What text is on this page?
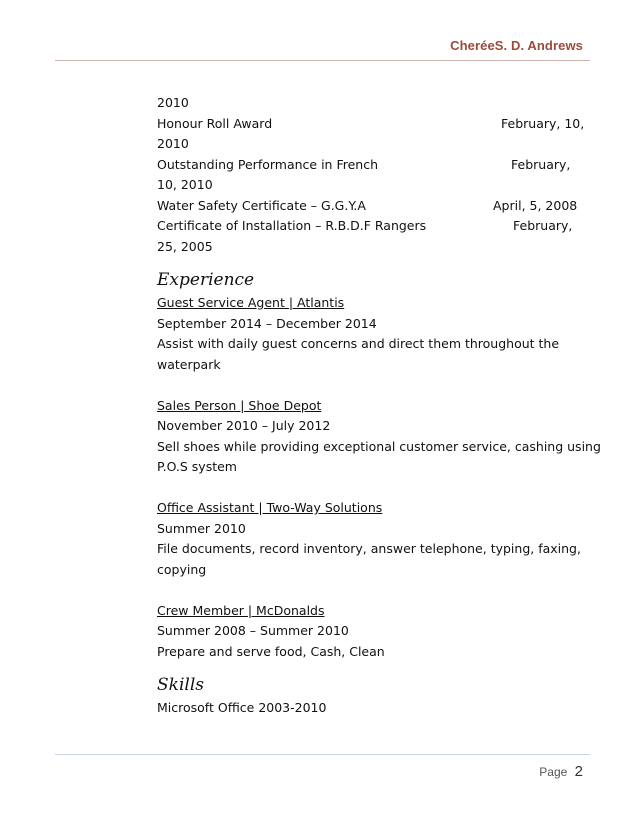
CheréeS. D. Andrews
2010
Honour Roll Award	February, 10,
2010
Outstanding Performance in French	February,
10, 2010
Water Safety Certificate – G.G.Y.A	April, 5, 2008
Certificate of Installation – R.B.D.F Rangers	February,
25, 2005
Experience
Guest Service Agent | Atlantis
September 2014 – December 2014
Assist with daily guest concerns and direct them throughout the
waterpark
Sales Person | Shoe Depot
November 2010 – July 2012
Sell shoes while providing exceptional customer service, cashing using
P.O.S system
Office Assistant | Two-Way Solutions
Summer 2010
File documents, record inventory, answer telephone, typing, faxing,
copying
Crew Member | McDonalds
Summer 2008 – Summer 2010
Prepare and serve food, Cash, Clean
Skills
Microsoft Office 2003-2010
Page 2
